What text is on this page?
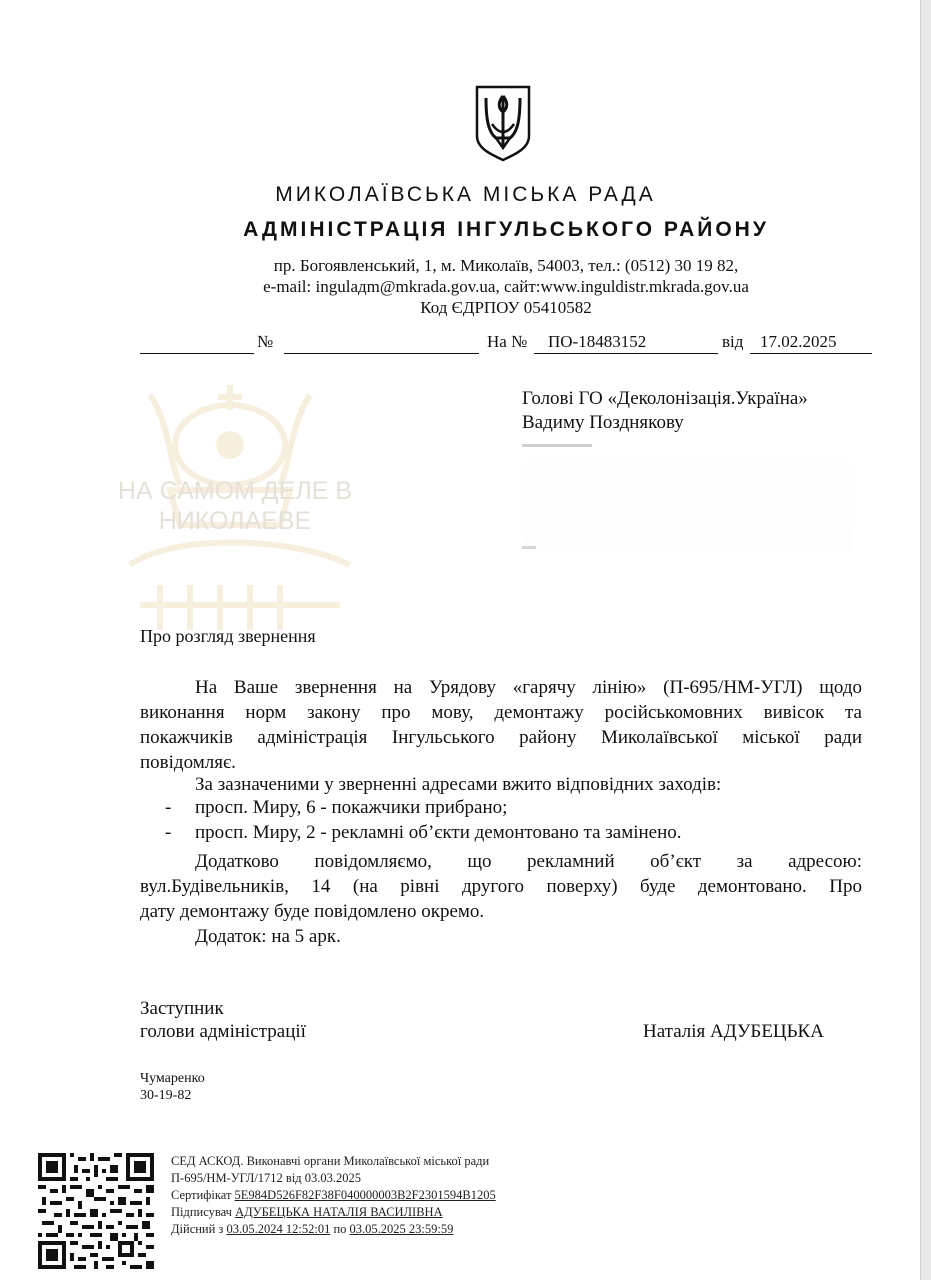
НА САМОМ ДЕЛЕ В
НИКОЛАЕВЕ
МИКОЛАЇВСЬКА МІСЬКА РАДА
АДМІНІСТРАЦІЯ ІНГУЛЬСЬКОГО РАЙОНУ
пр. Богоявленський, 1, м. Миколаїв, 54003, тел.: (0512) 30 19 82,
e-mail: ingulадm@mkrada.gov.ua, сайт:www.inguldistr.mkrada.gov.ua
Код ЄДРПОУ 05410582
№	На № ПО-18483152	від 17.02.2025
Голові ГО «Деколонізація.Україна»
Вадиму Позднякову
Про розгляд звернення
На Ваше звернення на Урядову «гарячу лінію» (П-695/НМ-УГЛ) щодо
виконання норм закону про мову, демонтажу російськомовних вивісок та
покажчиків адміністрація Інгульського району Миколаївської міської ради
повідомляє.
За зазначеними у зверненні адресами вжито відповідних заходів:
- просп. Миру, 6 - покажчики прибрано;
- просп. Миру, 2 - рекламні об’єкти демонтовано та замінено.
Додатково повідомляємо, що рекламний об’єкт за адресою:
вул.Будівельників, 14 (на рівні другого поверху) буде демонтовано. Про
дату демонтажу буде повідомлено окремо.
Додаток: на 5 арк.
Заступник
голови адміністрації	Наталія АДУБЕЦЬКА
Чумаренко
30-19-82
СЕД АСКОД. Виконавчі органи Миколаївської міської ради
П-695/НМ-УГЛ/1712 від 03.03.2025
Сертифікат 5E984D526F82F38F040000003B2F2301594B1205
Підписувач АДУБЕЦЬКА НАТАЛІЯ ВАСИЛІВНА
Дійсний з 03.05.2024 12:52:01 по 03.05.2025 23:59:59
